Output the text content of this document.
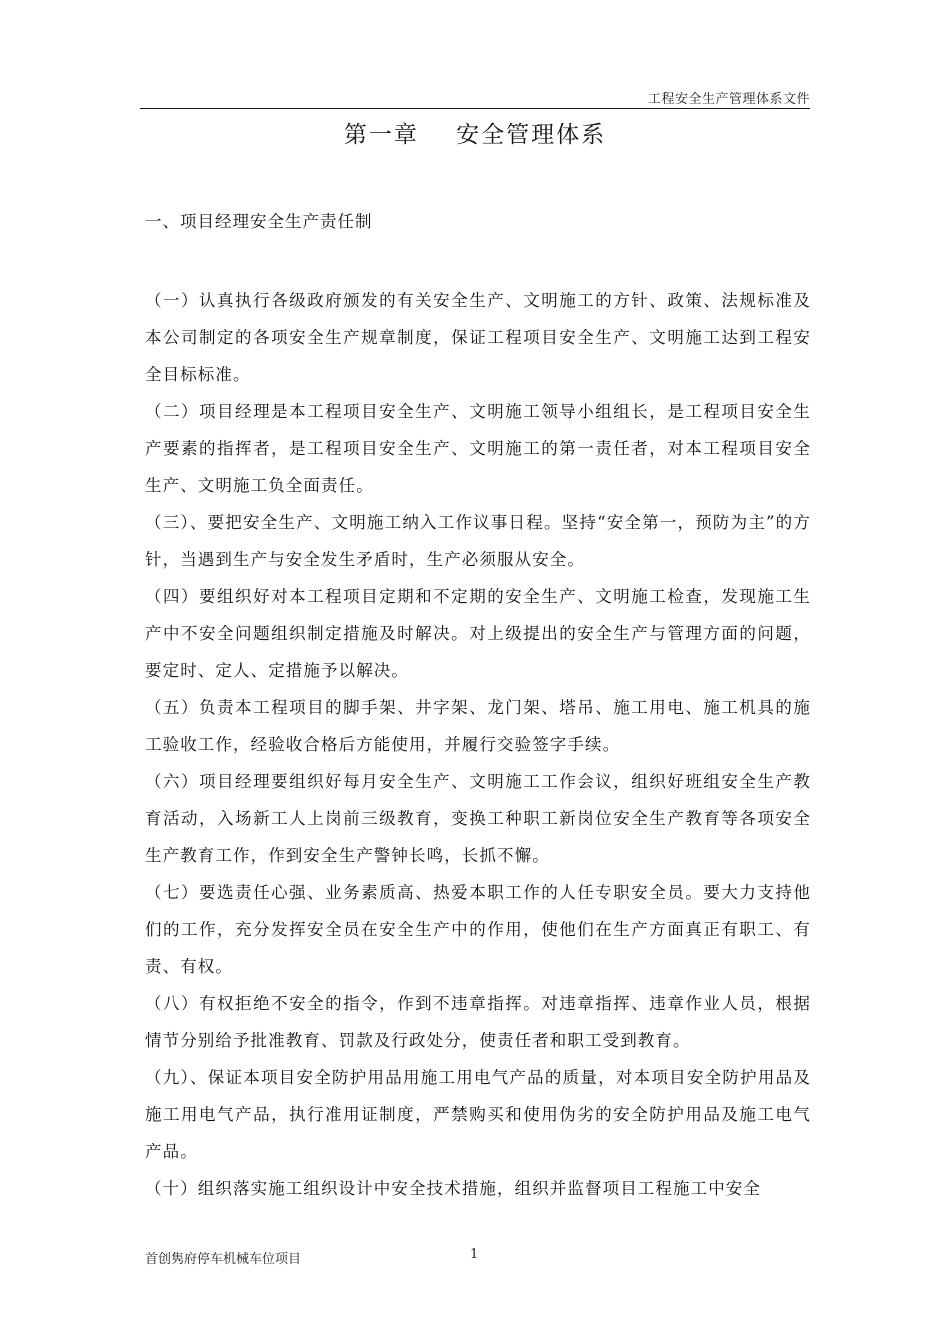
工程安全生产管理体系文件
第一章    安全管理体系
一、项目经理安全生产责任制

（一）认真执行各级政府颁发的有关安全生产、文明施工的方针、政策、法规标准及本公司制定的各项安全生产规章制度，保证工程项目安全生产、文明施工达到工程安全目标标准。

（二）项目经理是本工程项目安全生产、文明施工领导小组组长，是工程项目安全生产要素的指挥者，是工程项目安全生产、文明施工的第一责任者，对本工程项目安全生产、文明施工负全面责任。

（三）、要把安全生产、文明施工纳入工作议事日程。坚持“安全第一，预防为主”的方针，当遇到生产与安全发生矛盾时，生产必须服从安全。

（四）要组织好对本工程项目定期和不定期的安全生产、文明施工检查，发现施工生产中不安全问题组织制定措施及时解决。对上级提出的安全生产与管理方面的问题，要定时、定人、定措施予以解决。

（五）负责本工程项目的脚手架、井字架、龙门架、塔吊、施工用电、施工机具的施工验收工作，经验收合格后方能使用，并履行交验签字手续。

（六）项目经理要组织好每月安全生产、文明施工工作会议，组织好班组安全生产教育活动，入场新工人上岗前三级教育，变换工种职工新岗位安全生产教育等各项安全生产教育工作，作到安全生产警钟长鸣，长抓不懈。

（七）要选责任心强、业务素质高、热爱本职工作的人任专职安全员。要大力支持他们的工作，充分发挥安全员在安全生产中的作用，使他们在生产方面真正有职工、有责、有权。

（八）有权拒绝不安全的指令，作到不违章指挥。对违章指挥、违章作业人员，根据情节分别给予批准教育、罚款及行政处分，使责任者和职工受到教育。

（九）、保证本项目安全防护用品用施工用电气产品的质量，对本项目安全防护用品及施工用电气产品，执行准用证制度，严禁购买和使用伪劣的安全防护用品及施工电气产品。

（十）组织落实施工组织设计中安全技术措施，组织并监督项目工程施工中安全

首创隽府停车机械车位项目	1
